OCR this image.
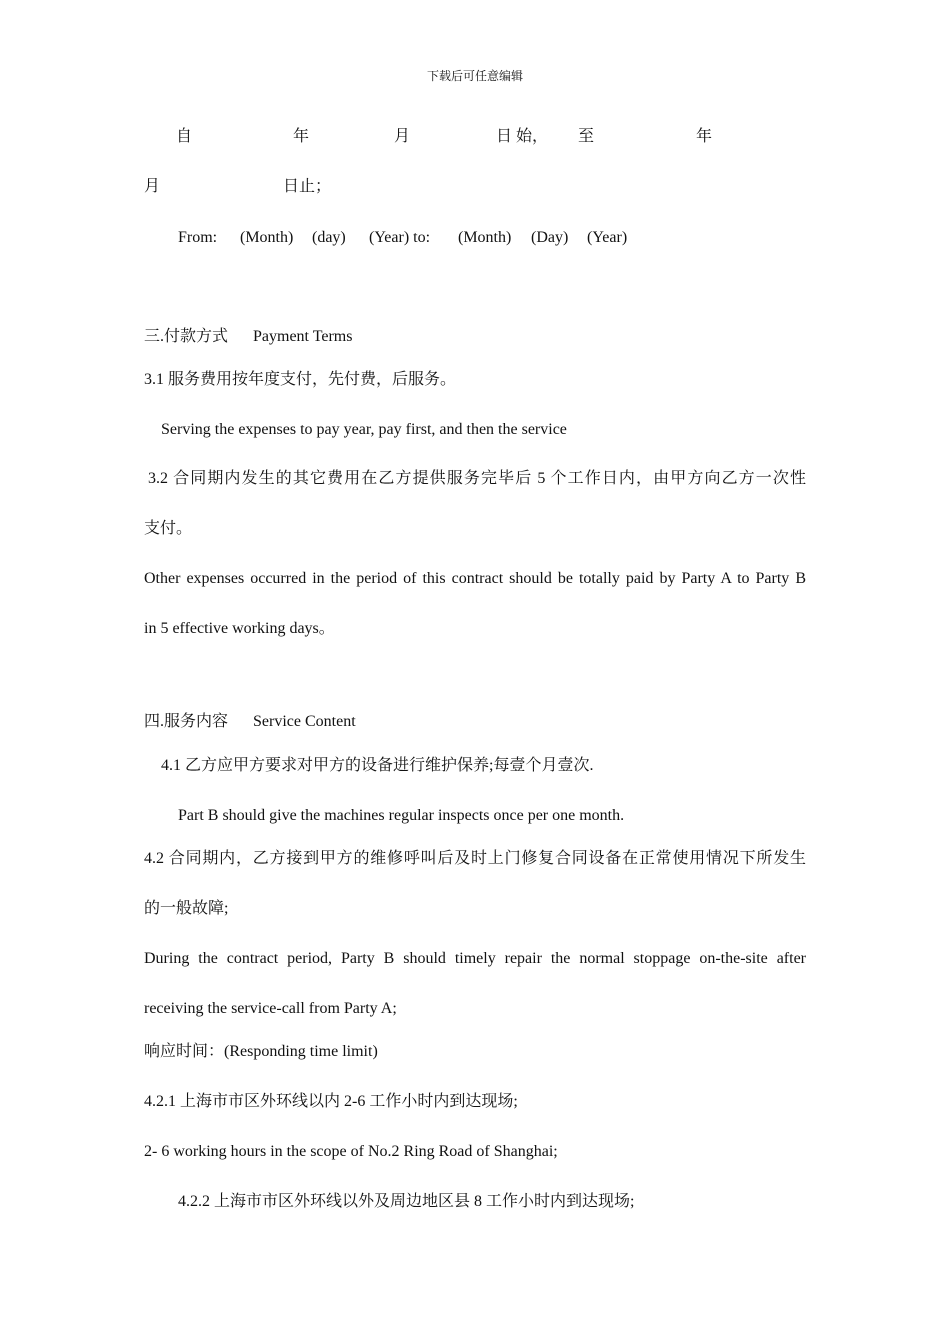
下载后可任意编辑
自	年	月	日 始， 至	年
月	日止；
From: (Month) (day) (Year) to: (Month) (Day) (Year)
三.付款方式 Payment Terms
3.1 服务费用按年度支付，先付费，后服务。
Serving the expenses to pay year, pay first, and then the service
3.2 合同期内发生的其它费用在乙方提供服务完毕后 5 个工作日内，由甲方向乙方一次性
支付。
Other expenses occurred in the period of this contract should be totally paid by Party A to Party B
in 5 effective working days。
四.服务内容 Service Content
4.1 乙方应甲方要求对甲方的设备进行维护保养;每壹个月壹次.
Part B should give the machines regular inspects once per one month.
4.2 合同期内，乙方接到甲方的维修呼叫后及时上门修复合同设备在正常使用情况下所发生
的一般故障;
During the contract period, Party B should timely repair the normal stoppage on-the-site after
receiving the service-call from Party A;
响应时间：(Responding time limit)
4.2.1 上海市市区外环线以内 2-6 工作小时内到达现场;
2- 6 working hours in the scope of No.2 Ring Road of Shanghai;
4.2.2 上海市市区外环线以外及周边地区县 8 工作小时内到达现场;
